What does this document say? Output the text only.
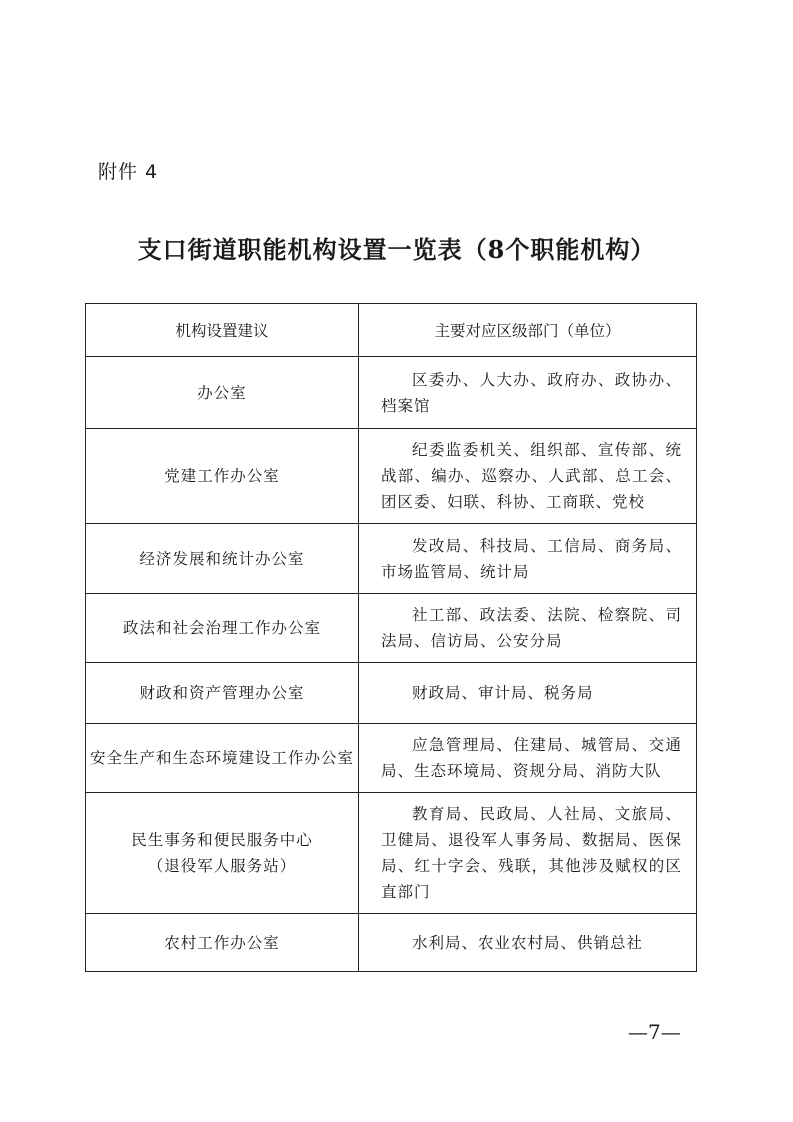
附件 4
支口街道职能机构设置一览表（8个职能机构）
机构设置建议	主要对应区级部门（单位）
办公室	区委办、人大办、政府办、政协办、档案馆
党建工作办公室	纪委监委机关、组织部、宣传部、统战部、编办、巡察办、人武部、总工会、团区委、妇联、科协、工商联、党校
经济发展和统计办公室	发改局、科技局、工信局、商务局、市场监管局、统计局
政法和社会治理工作办公室	社工部、政法委、法院、检察院、司法局、信访局、公安分局
财政和资产管理办公室	财政局、审计局、税务局
安全生产和生态环境建设工作办公室	应急管理局、住建局、城管局、交通局、生态环境局、资规分局、消防大队

民生事务和便民服务中心
（退役军人服务站）	教育局、民政局、人社局、文旅局、卫健局、退役军人事务局、数据局、医保局、红十字会、残联，其他涉及赋权的区直部门
农村工作办公室	水利局、农业农村局、供销总社
—7—
